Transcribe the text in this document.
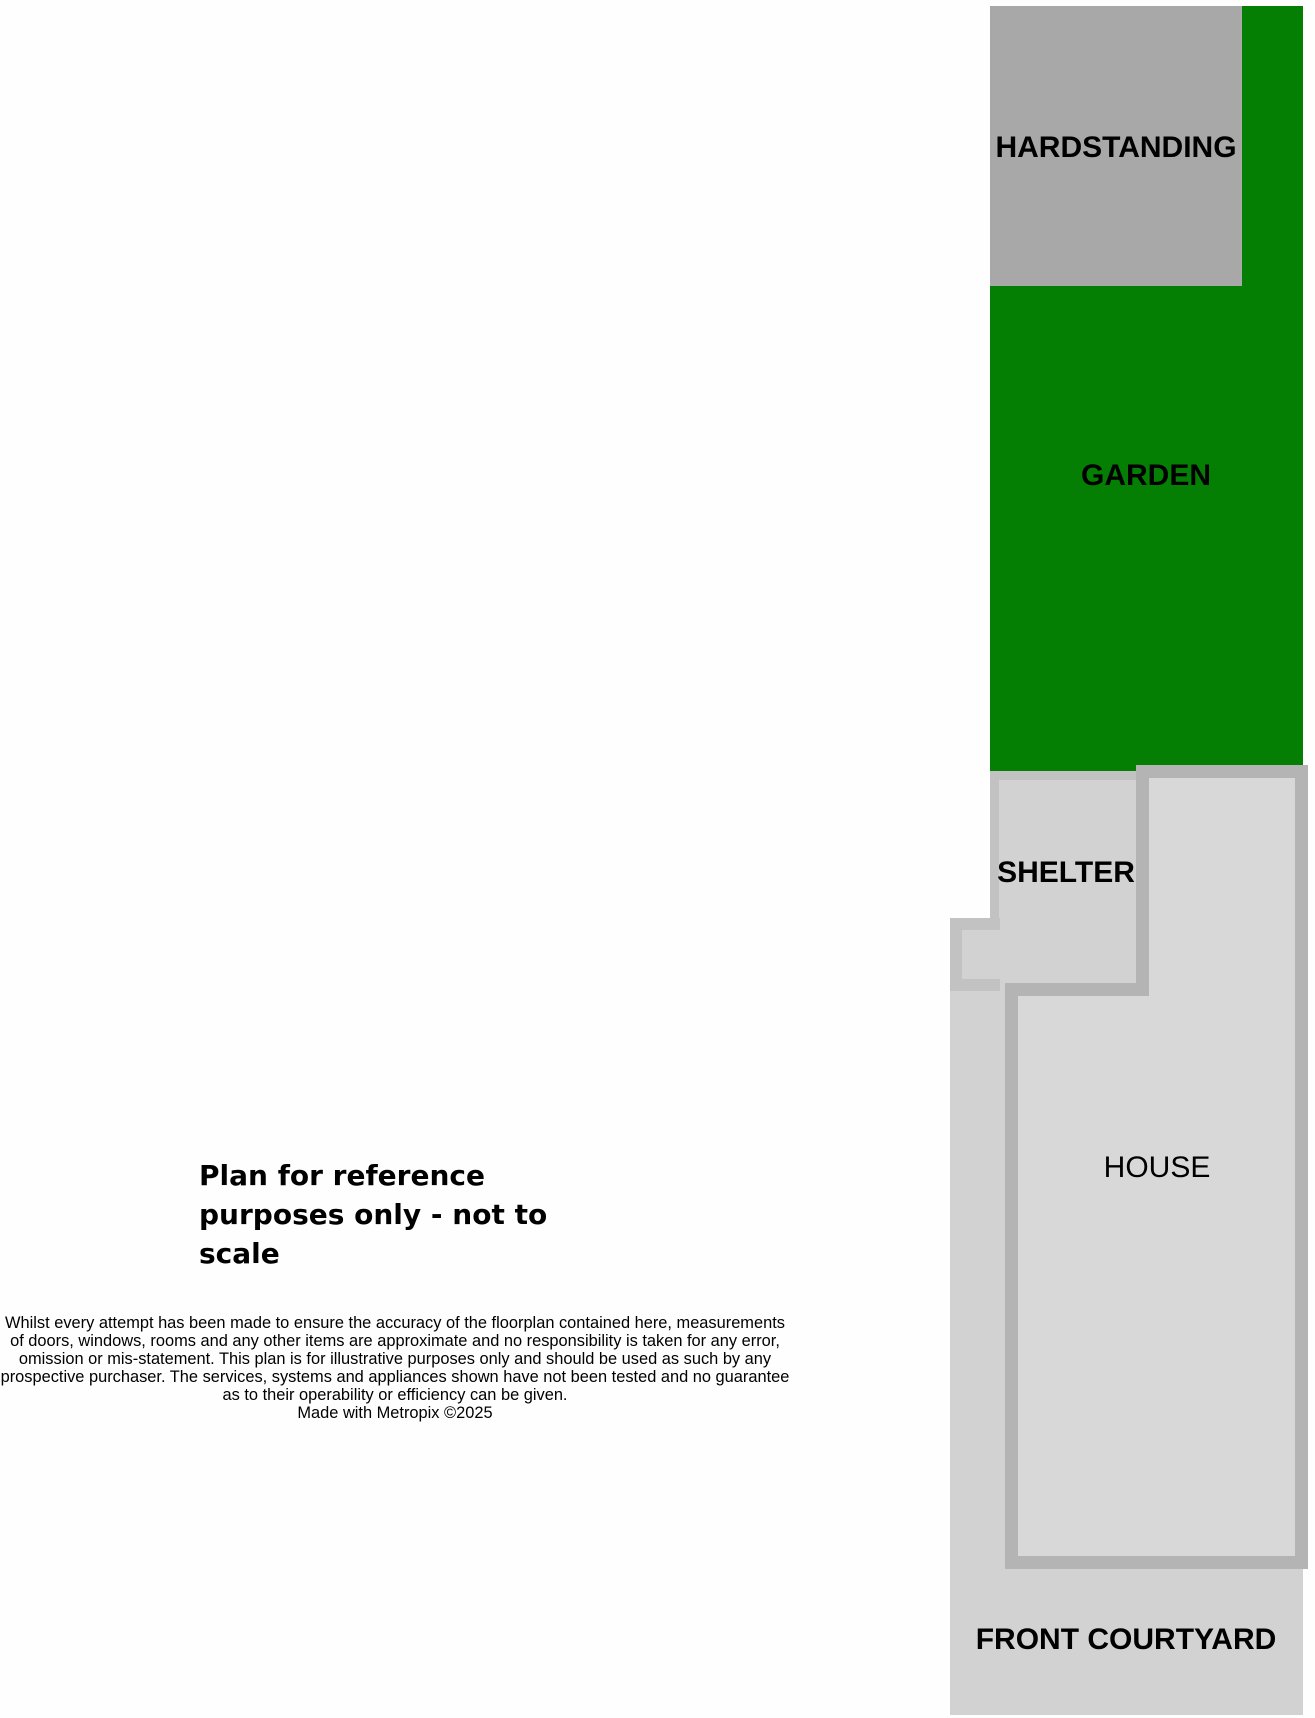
HARDSTANDING
GARDEN
SHELTER
HOUSE
FRONT COURTYARD
Plan for reference purposes only - not to scale

Whilst every attempt has been made to ensure the accuracy of the floorplan contained here, measurements of doors, windows, rooms and any other items are approximate and no responsibility is taken for any error, omission or mis-statement. This plan is for illustrative purposes only and should be used as such by any prospective purchaser. The services, systems and appliances shown have not been tested and no guarantee as to their operability or efficiency can be given.

Made with Metropix ©2025
